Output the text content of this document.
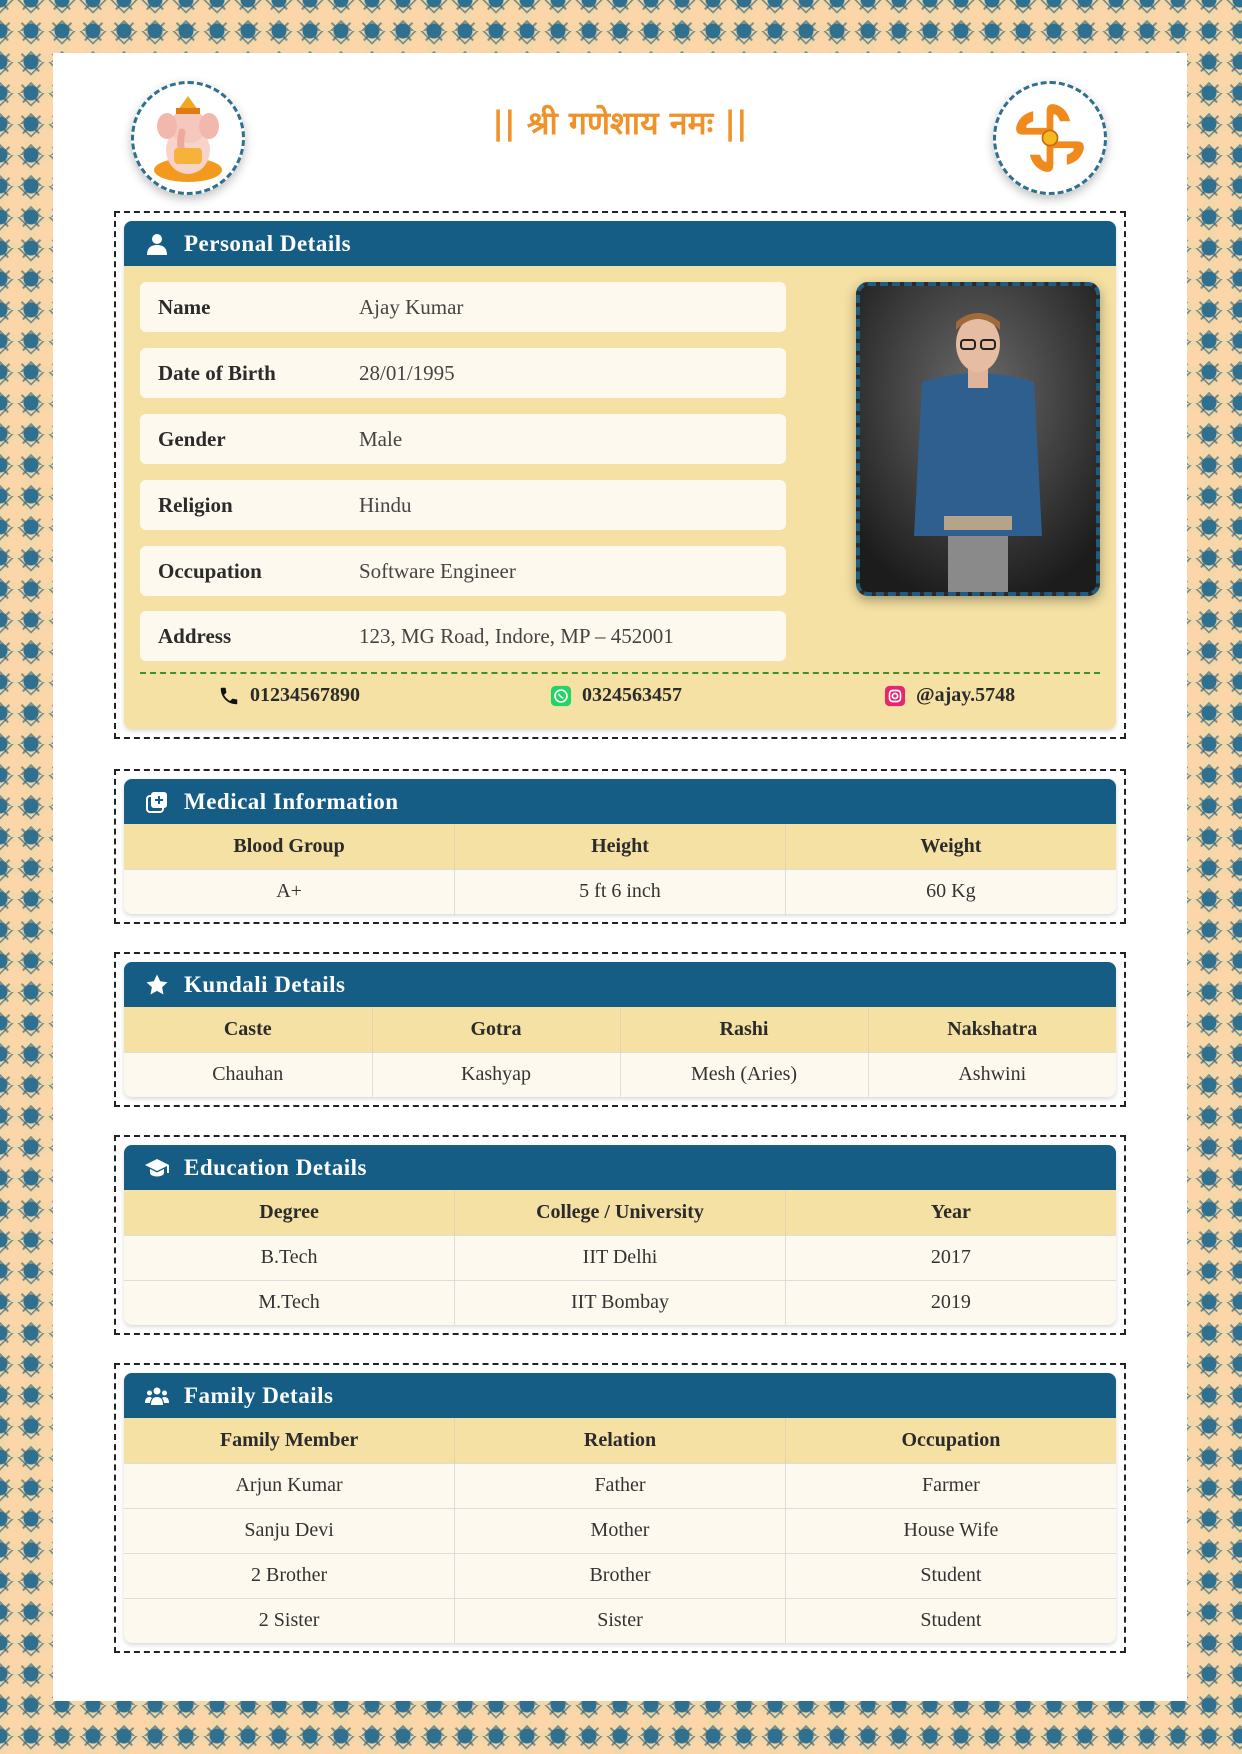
|| श्री गणेशाय नमः ||
Personal Details
Name	Ajay Kumar
Date of Birth	28/01/1995
Gender	Male
Religion	Hindu
Occupation	Software Engineer
Address	123, MG Road, Indore, MP – 452001
01234567890	0324563457	@ajay.5748
Medical Information
Blood Group	Height	Weight
A+	5 ft 6 inch	60 Kg
Kundali Details
Caste	Gotra	Rashi	Nakshatra
Chauhan	Kashyap	Mesh (Aries)	Ashwini
Education Details
Degree	College / University	Year
B.Tech	IIT Delhi	2017
M.Tech	IIT Bombay	2019
Family Details
Family Member	Relation	Occupation
Arjun Kumar	Father	Farmer
Sanju Devi	Mother	House Wife
2 Brother	Brother	Student
2 Sister	Sister	Student
